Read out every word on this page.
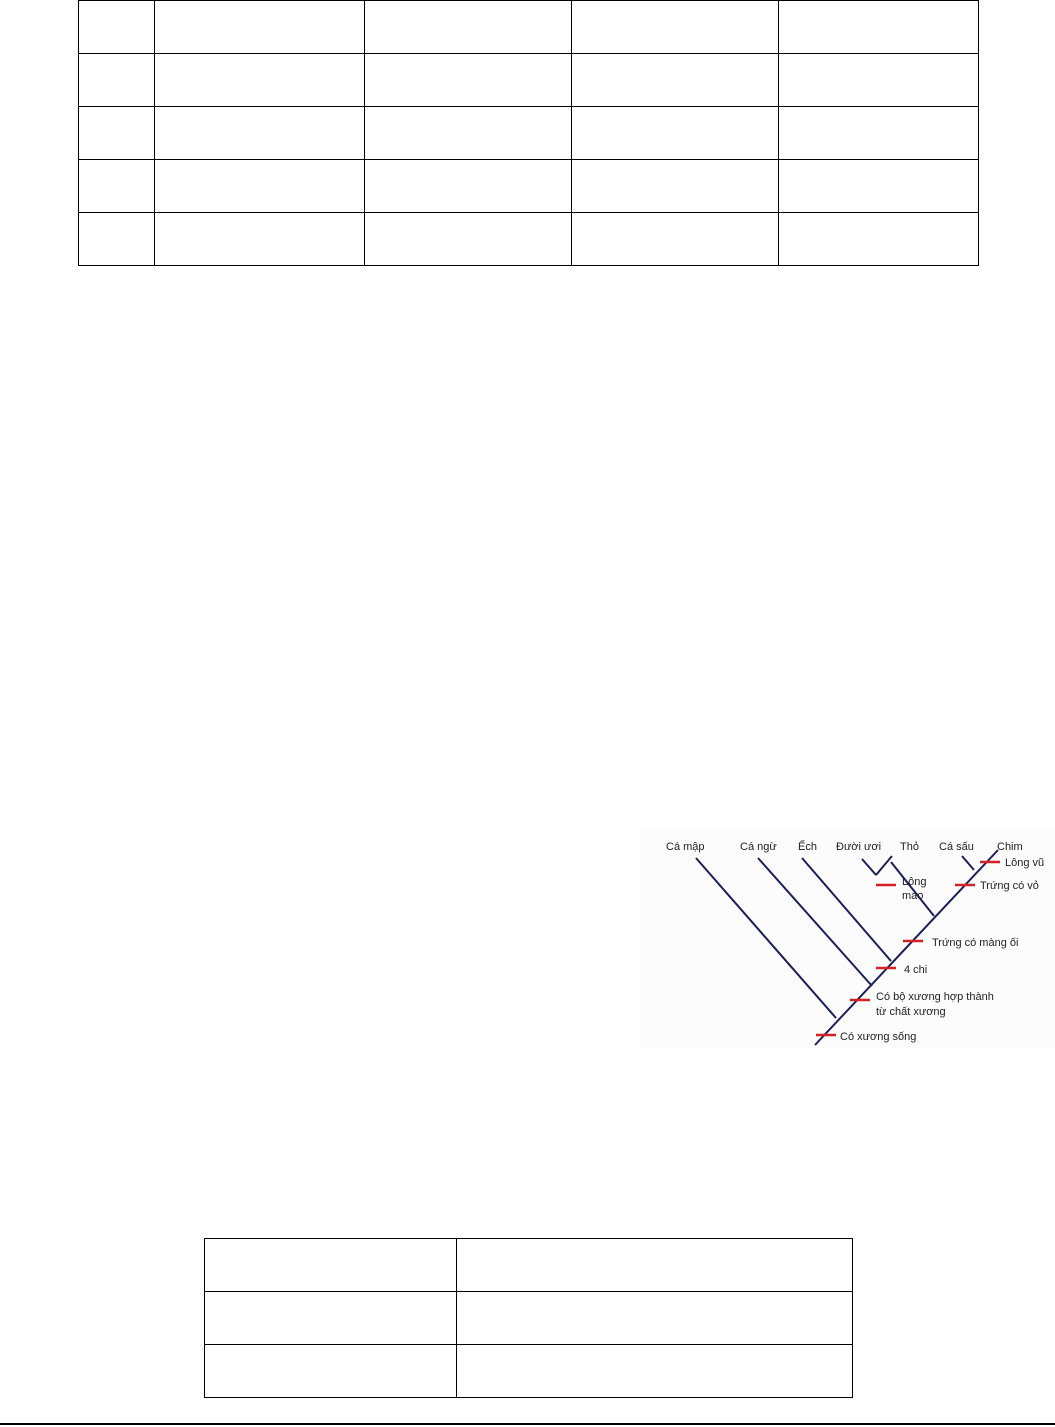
Cá mập	Cá ngừ Ếch Đười ươi Thỏ Cá sấu Chim
Lông vũ
Lông
mao
Trứng có vỏ
Trứng có màng ối
4 chi
Có bộ xương hợp thành
từ chất xương
Có xương sống
